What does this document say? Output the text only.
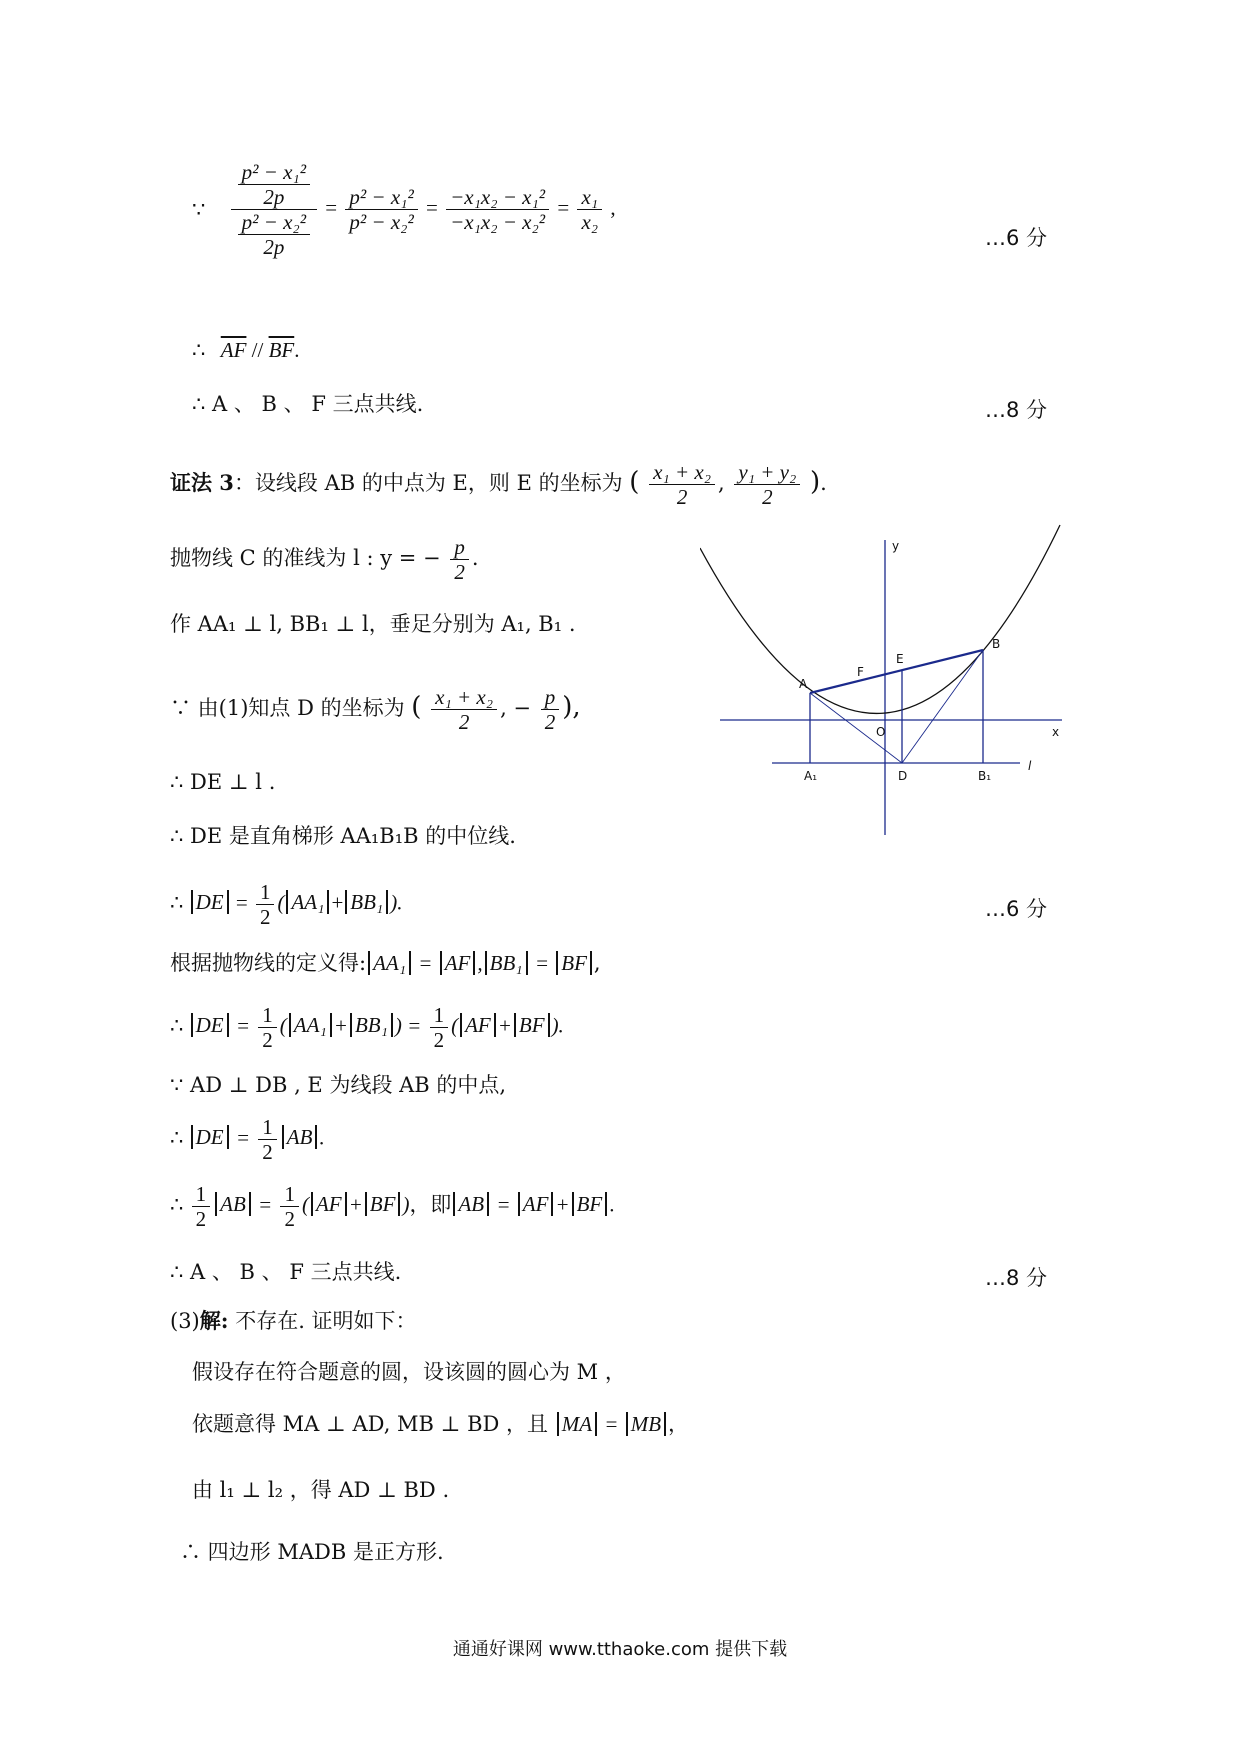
∵ $\frac{\frac{\text{p² − x₁²}}{2p}}{\frac{\text{p² − x₂²}}{2p}} = \frac{\text{p² − x₁²}}{\text{p² − x₂²}} = \frac{\text{−x₁x₂ − x₁²}}{\text{−x₁x₂ − x₂²}} = \frac{\text{x₁}}{\text{x₂}}$ ,
…6 分
∴ $\overline{AF} // \overline{BF}$.
∴ A 、 B 、 F 三点共线.	…8 分
证法 3：设线段 AB 的中点为 E，则 E 的坐标为 ( $\frac{\text{x₁ + x₂}}{2}$ , $\frac{\text{y₁ + y₂}}{2}$ ).
抛物线 C 的准线为 l : y = − $\frac{p}{2}$ .
作 AA₁ ⊥ l, BB₁ ⊥ l，垂足分别为 A₁, B₁ .
∵ 由(1)知点 D 的坐标为 ( $\frac{\text{x₁ + x₂}}{2}$ , − $\frac{p}{2}$ ),
∴ DE ⊥ l .
∴ DE 是直角梯形 AA₁B₁B 的中位线.
∴ DE = $\frac{1}{2}$ ( AA₁ + BB₁ ).	…6 分
根据抛物线的定义得: AA₁ = AF , BB₁ = BF ,
∴ DE = $\frac{1}{2}$ ( AA₁ + BB₁ ) = $\frac{1}{2}$ ( AF + BF ).
∵ AD ⊥ DB , E 为线段 AB 的中点,
∴ DE = $\frac{1}{2}$ AB .
∴ $\frac{1}{2}$ AB = $\frac{1}{2}$ ( AF + BF )，即 AB = AF + BF .
∴ A 、 B 、 F 三点共线.	…8 分
(3)解: 不存在. 证明如下：
假设存在符合题意的圆，设该圆的圆心为 M ，
依题意得 MA ⊥ AD, MB ⊥ BD ，且 MA = MB ，
由 l₁ ⊥ l₂ ，得 AD ⊥ BD .
∴ 四边形 MADB 是正方形.
y
x
l
A
B
E
F
O
D
A₁	B₁
通通好课网 www.tthaoke.com 提供下载
